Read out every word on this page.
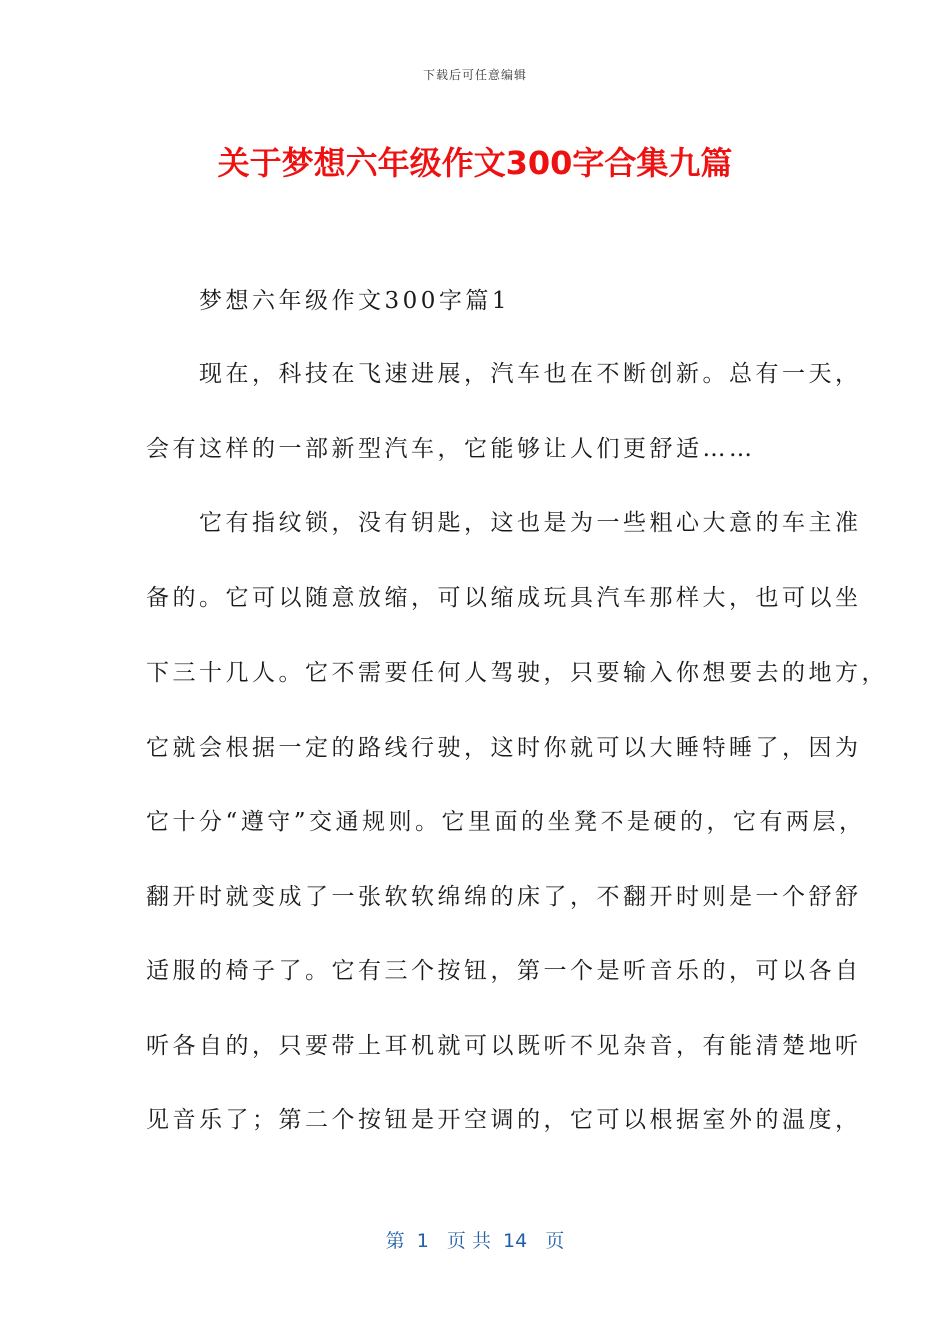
下载后可任意编辑
关于梦想六年级作文300字合集九篇
　　梦想六年级作文300字篇1
　　现在，科技在飞速进展，汽车也在不断创新。总有一天，
会有这样的一部新型汽车，它能够让人们更舒适……
　　它有指纹锁，没有钥匙，这也是为一些粗心大意的车主准
备的。它可以随意放缩，可以缩成玩具汽车那样大，也可以坐
下三十几人。它不需要任何人驾驶，只要输入你想要去的地方，
它就会根据一定的路线行驶，这时你就可以大睡特睡了，因为
它十分“遵守”交通规则。它里面的坐凳不是硬的，它有两层，
翻开时就变成了一张软软绵绵的床了，不翻开时则是一个舒舒
适服的椅子了。它有三个按钮，第一个是听音乐的，可以各自
听各自的，只要带上耳机就可以既听不见杂音，有能清楚地听
见音乐了；第二个按钮是开空调的，它可以根据室外的温度，
第  1   页 共  14   页
